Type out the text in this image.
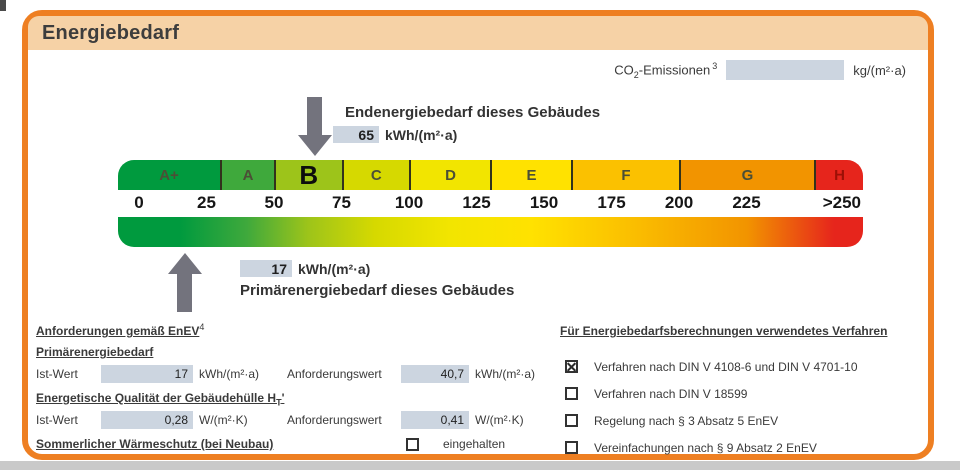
Energiebedarf
$CO_2$-Emissionen $^3$	kg/(m²·a)
Endenergiebedarf dieses Gebäudes
65 kWh/(m²·a)
A+	A B	C	D	E	F	G	H
0	25	50	75	100 125 150 175 200 225	>250
17 kWh/(m²·a)
Primärenergiebedarf dieses Gebäudes
Anforderungen gemäß EnEV$^4$
Primärenergiebedarf
Ist-Wert	17 kWh/(m²·a)	Anforderungswert	40,7 kWh/(m²·a)
Energetische Qualität der Gebäudehülle $H_T'$
Ist-Wert	0,28 W/(m²·K)	Anforderungswert	0,41 W/(m²·K)
Sommerlicher Wärmeschutz (bei Neubau)	eingehalten
Für Energiebedarfsberechnungen verwendetes Verfahren
Verfahren nach DIN V 4108-6 und DIN V 4701-10
Verfahren nach DIN V 18599
Regelung nach § 3 Absatz 5 EnEV
Vereinfachungen nach § 9 Absatz 2 EnEV
